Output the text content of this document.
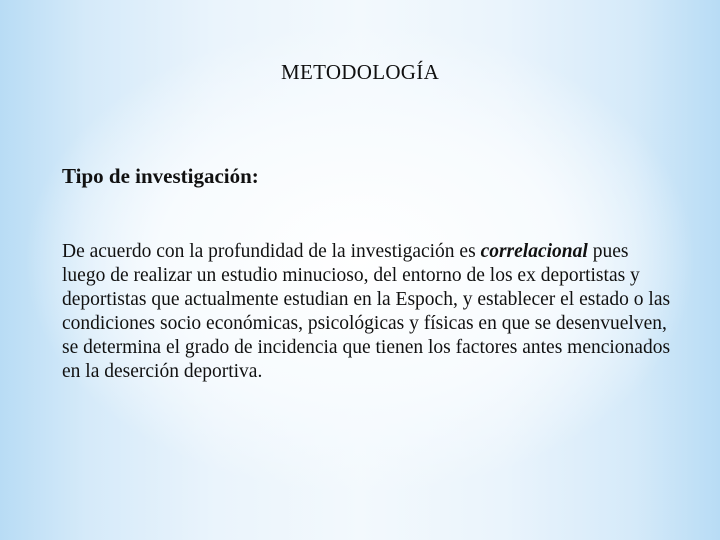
METODOLOGÍA
Tipo de investigación:
De acuerdo con la profundidad de la investigación es correlacional pues luego de realizar un estudio minucioso, del entorno de los ex deportistas y deportistas que actualmente estudian en la Espoch, y establecer el estado o las condiciones socio económicas, psicológicas y físicas en que se desenvuelven, se determina el grado de incidencia que tienen los factores antes mencionados en la deserción deportiva.
